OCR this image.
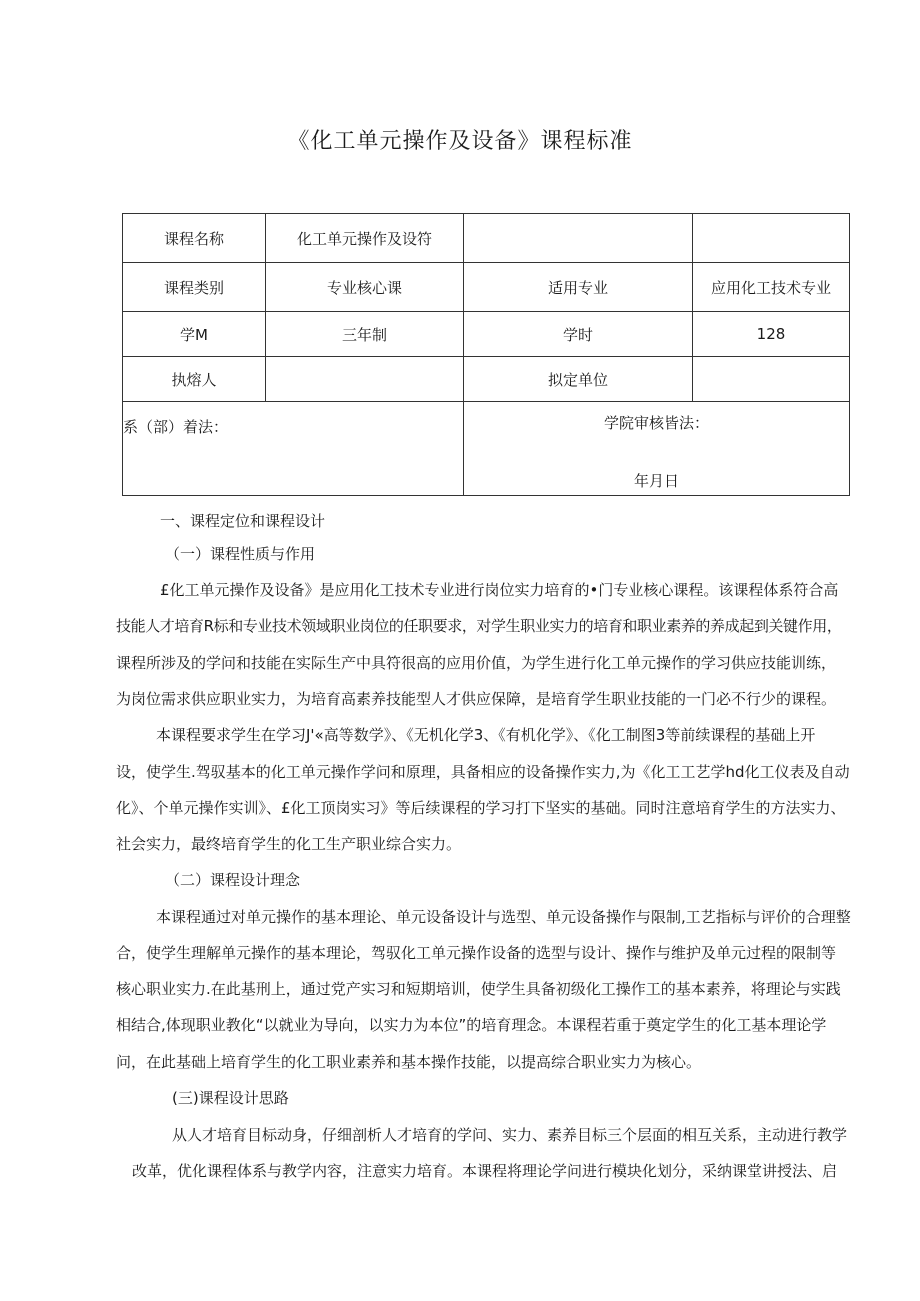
《化工单元操作及设备》课程标准
课程名称	化工单元操作及设符		
课程类别	专业核心课	适用专业	应用化工技术专业
学M	三年制	学时	128
执熔人		拟定单位	

系（部）着法：		学院审核皆法：
年月日	
一、课程定位和课程设计
（一）课程性质与作用
£化工单元操作及设备》是应用化工技术专业进行岗位实力培育的•门专业核心课程。该课程体系符合高
技能人才培育R标和专业技术领域职业岗位的任职要求，对学生职业实力的培育和职业素养的养成起到关键作用，
课程所涉及的学问和技能在实际生产中具符很高的应用价值，为学生进行化工单元操作的学习供应技能训练，
为岗位需求供应职业实力，为培育高素养技能型人才供应保障，是培育学生职业技能的一门必不行少的课程。
本课程要求学生在学习J'«高等数学》、《无机化学3、《有机化学》、《化工制图3等前续课程的基础上开
设，使学生.驾驭基本的化工单元操作学问和原理，具备相应的设备操作实力,为《化工工艺学hd化工仪表及自动
化》、个单元操作实训》、£化工顶岗实习》等后续课程的学习打下坚实的基础。同时注意培育学生的方法实力、
社会实力，最终培育学生的化工生产职业综合实力。
（二）课程设计理念
本课程通过对单元操作的基本理论、单元设备设计与选型、单元设备操作与限制,工艺指标与评价的合理整
合，使学生理解单元操作的基本理论，驾驭化工单元操作设备的选型与设计、操作与维护及单元过程的限制等
核心职业实力.在此基刑上，通过党产实习和短期培训，使学生具备初级化工操作工的基本素养，将理论与实践
相结合,体现职业教化“以就业为导向，以实力为本位”的培育理念。本课程若重于奠定学生的化工基本理论学
问，在此基础上培育学生的化工职业素养和基本操作技能，以提高综合职业实力为核心。
(三)课程设计思路
从人才培育目标动身，仔细剖析人才培育的学问、实力、素养目标三个层面的相互关系，主动进行教学
改革，优化课程体系与教学内容，注意实力培育。本课程将理论学问进行模块化划分，采纳课堂讲授法、启
